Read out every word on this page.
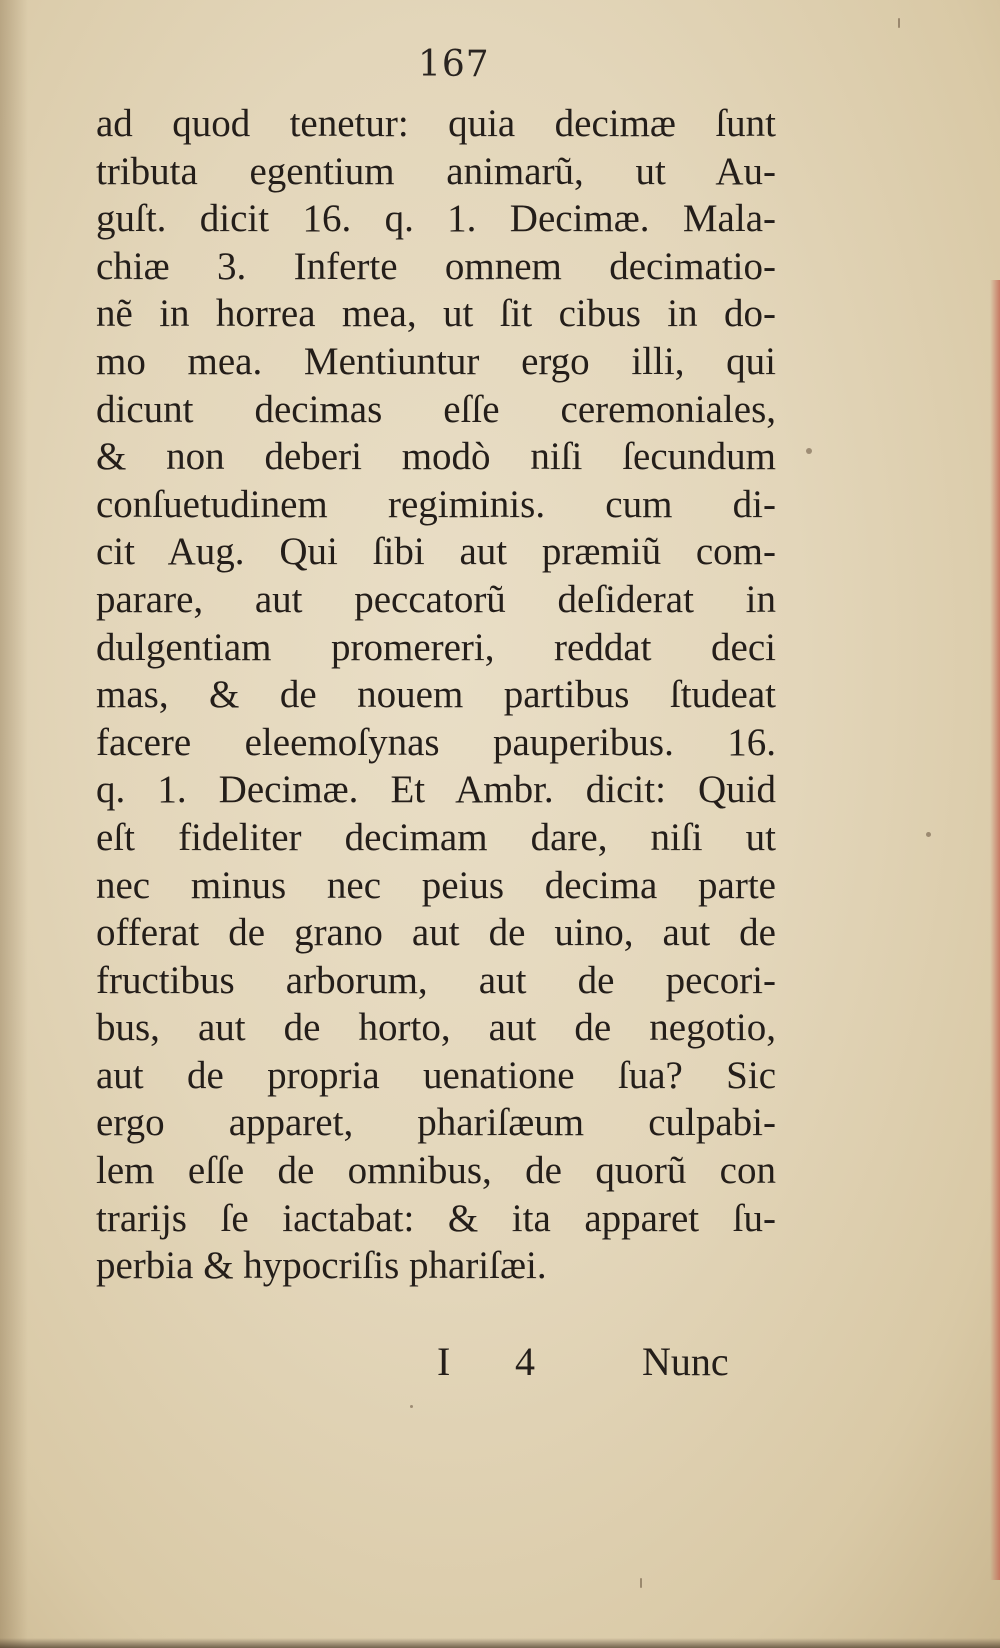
167
ad quod tenetur: quia decimæ ſunt
tributa egentium animarũ, ut Au-
guſt. dicit 16. q. 1. Decimæ. Mala-
chiæ 3. Inferte omnem decimatio-
nẽ in horrea mea, ut ſit cibus in do-
mo mea. Mentiuntur ergo illi, qui
dicunt decimas eſſe ceremoniales,
& non deberi modò niſi ſecundum
conſuetudinem regiminis. cum di-
cit Aug. Qui ſibi aut præmiũ com-
parare, aut peccatorũ deſiderat in
dulgentiam promereri, reddat deci
mas, & de nouem partibus ſtudeat
facere eleemoſynas pauperibus. 16.
q. 1. Decimæ. Et Ambr. dicit: Quid
eſt fideliter decimam dare, niſi ut
nec minus nec peius decima parte
offerat de grano aut de uino, aut de
fructibus arborum, aut de pecori-
bus, aut de horto, aut de negotio,
aut de propria uenatione ſua? Sic
ergo apparet, phariſæum culpabi-
lem eſſe de omnibus, de quorũ con
trarijs ſe iactabat: & ita apparet ſu-
perbia & hypocriſis phariſæi.
I 4	Nunc
